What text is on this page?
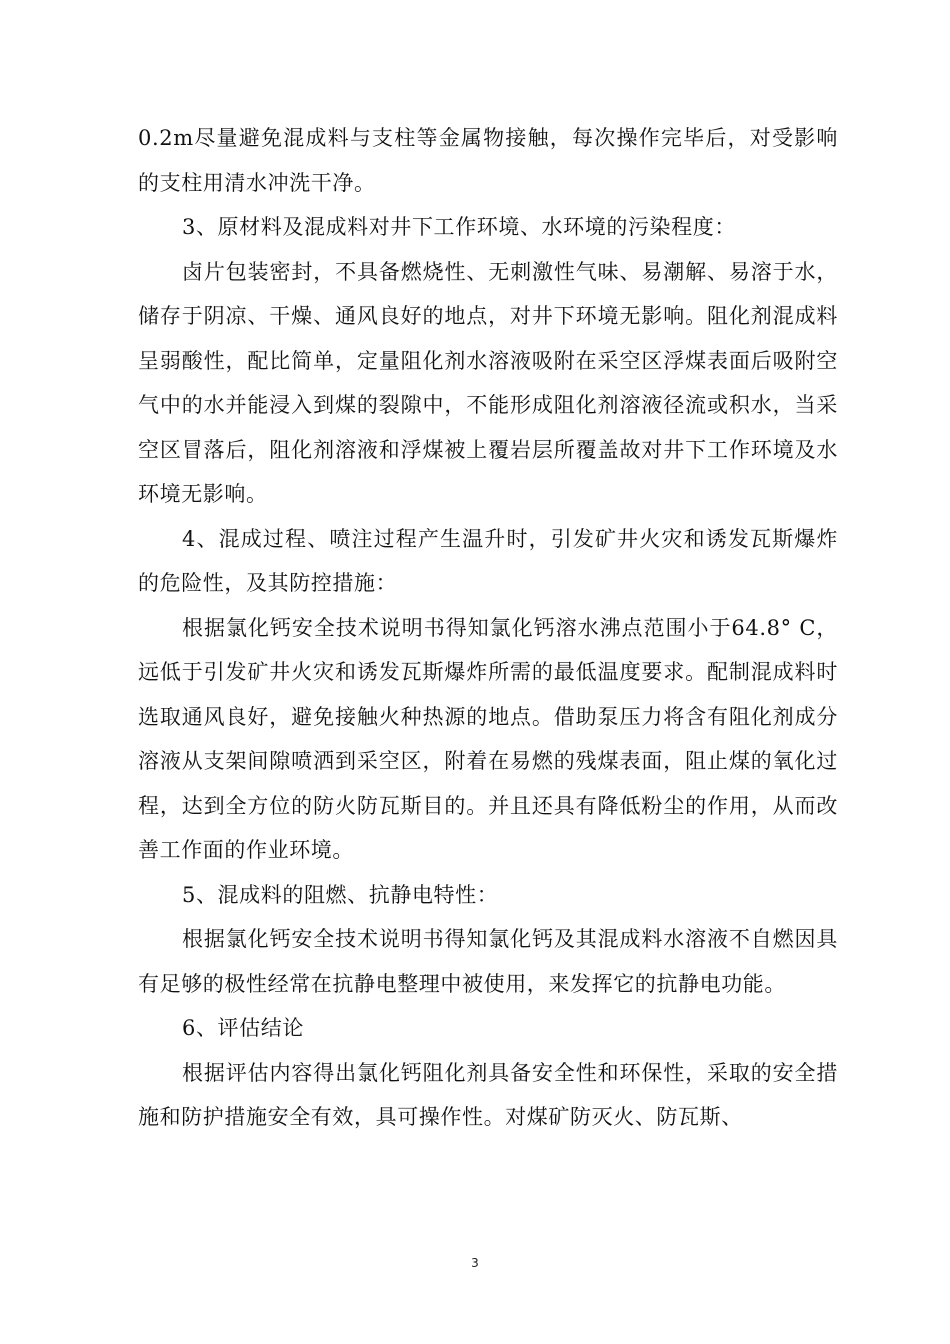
0.2m尽量避免混成料与支柱等金属物接触，每次操作完毕后，对受影响的支柱用清水冲洗干净。

3、原材料及混成料对井下工作环境、水环境的污染程度：

卤片包装密封，不具备燃烧性、无刺激性气味、易潮解、易溶于水，储存于阴凉、干燥、通风良好的地点，对井下环境无影响。阻化剂混成料呈弱酸性，配比简单，定量阻化剂水溶液吸附在采空区浮煤表面后吸附空气中的水并能浸入到煤的裂隙中，不能形成阻化剂溶液径流或积水，当采空区冒落后，阻化剂溶液和浮煤被上覆岩层所覆盖故对井下工作环境及水环境无影响。

4、混成过程、喷注过程产生温升时，引发矿井火灾和诱发瓦斯爆炸的危险性，及其防控措施：

根据氯化钙安全技术说明书得知氯化钙溶水沸点范围小于64.8° C，远低于引发矿井火灾和诱发瓦斯爆炸所需的最低温度要求。配制混成料时选取通风良好，避免接触火种热源的地点。借助泵压力将含有阻化剂成分溶液从支架间隙喷洒到采空区，附着在易燃的残煤表面，阻止煤的氧化过程，达到全方位的防火防瓦斯目的。并且还具有降低粉尘的作用，从而改善工作面的作业环境。

5、混成料的阻燃、抗静电特性：

根据氯化钙安全技术说明书得知氯化钙及其混成料水溶液不自燃因具有足够的极性经常在抗静电整理中被使用，来发挥它的抗静电功能。

6、评估结论

根据评估内容得出氯化钙阻化剂具备安全性和环保性，采取的安全措施和防护措施安全有效，具可操作性。对煤矿防灭火、防瓦斯、

3
